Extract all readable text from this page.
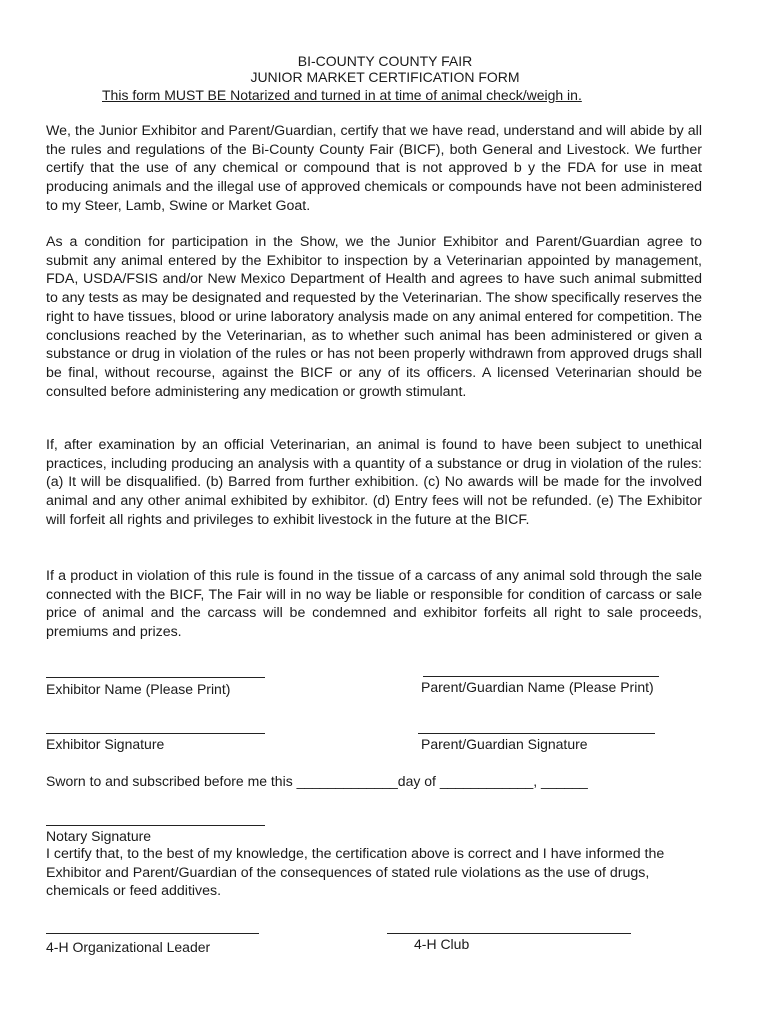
BI-COUNTY COUNTY FAIR
JUNIOR MARKET CERTIFICATION FORM
This form MUST BE Notarized and turned in at time of animal check/weigh in.

We, the Junior Exhibitor and Parent/Guardian, certify that we have read, understand and will abide by all the rules and regulations of the Bi-County County Fair (BICF), both General and Livestock. We further certify that the use of any chemical or compound that is not approved b y the FDA for use in meat producing animals and the illegal use of approved chemicals or compounds have not been administered to my Steer, Lamb, Swine or Market Goat.

As a condition for participation in the Show, we the Junior Exhibitor and Parent/Guardian agree to submit any animal entered by the Exhibitor to inspection by a Veterinarian appointed by management, FDA, USDA/FSIS and/or New Mexico Department of Health and agrees to have such animal submitted to any tests as may be designated and requested by the Veterinarian. The show specifically reserves the right to have tissues, blood or urine laboratory analysis made on any animal entered for competition. The conclusions reached by the Veterinarian, as to whether such animal has been administered or given a substance or drug in violation of the rules or has not been properly withdrawn from approved drugs shall be final, without recourse, against the BICF or any of its officers. A licensed Veterinarian should be consulted before administering any medication or growth stimulant.

If, after examination by an official Veterinarian, an animal is found to have been subject to unethical practices, including producing an analysis with a quantity of a substance or drug in violation of the rules: (a) It will be disqualified. (b) Barred from further exhibition. (c) No awards will be made for the involved animal and any other animal exhibited by exhibitor. (d) Entry fees will not be refunded. (e) The Exhibitor will forfeit all rights and privileges to exhibit livestock in the future at the BICF.

If a product in violation of this rule is found in the tissue of a carcass of any animal sold through the sale connected with the BICF, The Fair will in no way be liable or responsible for condition of carcass or sale price of animal and the carcass will be condemned and exhibitor forfeits all right to sale proceeds, premiums and prizes.

Exhibitor Name (Please Print)	Parent/Guardian Name (Please Print)
Exhibitor Signature	Parent/Guardian Signature
Sworn to and subscribed before me this _____________day of ____________, ______
Notary Signature

I certify that, to the best of my knowledge, the certification above is correct and I have informed the Exhibitor and Parent/Guardian of the consequences of stated rule violations as the use of drugs, chemicals or feed additives.

4-H Organizational Leader	4-H Club
